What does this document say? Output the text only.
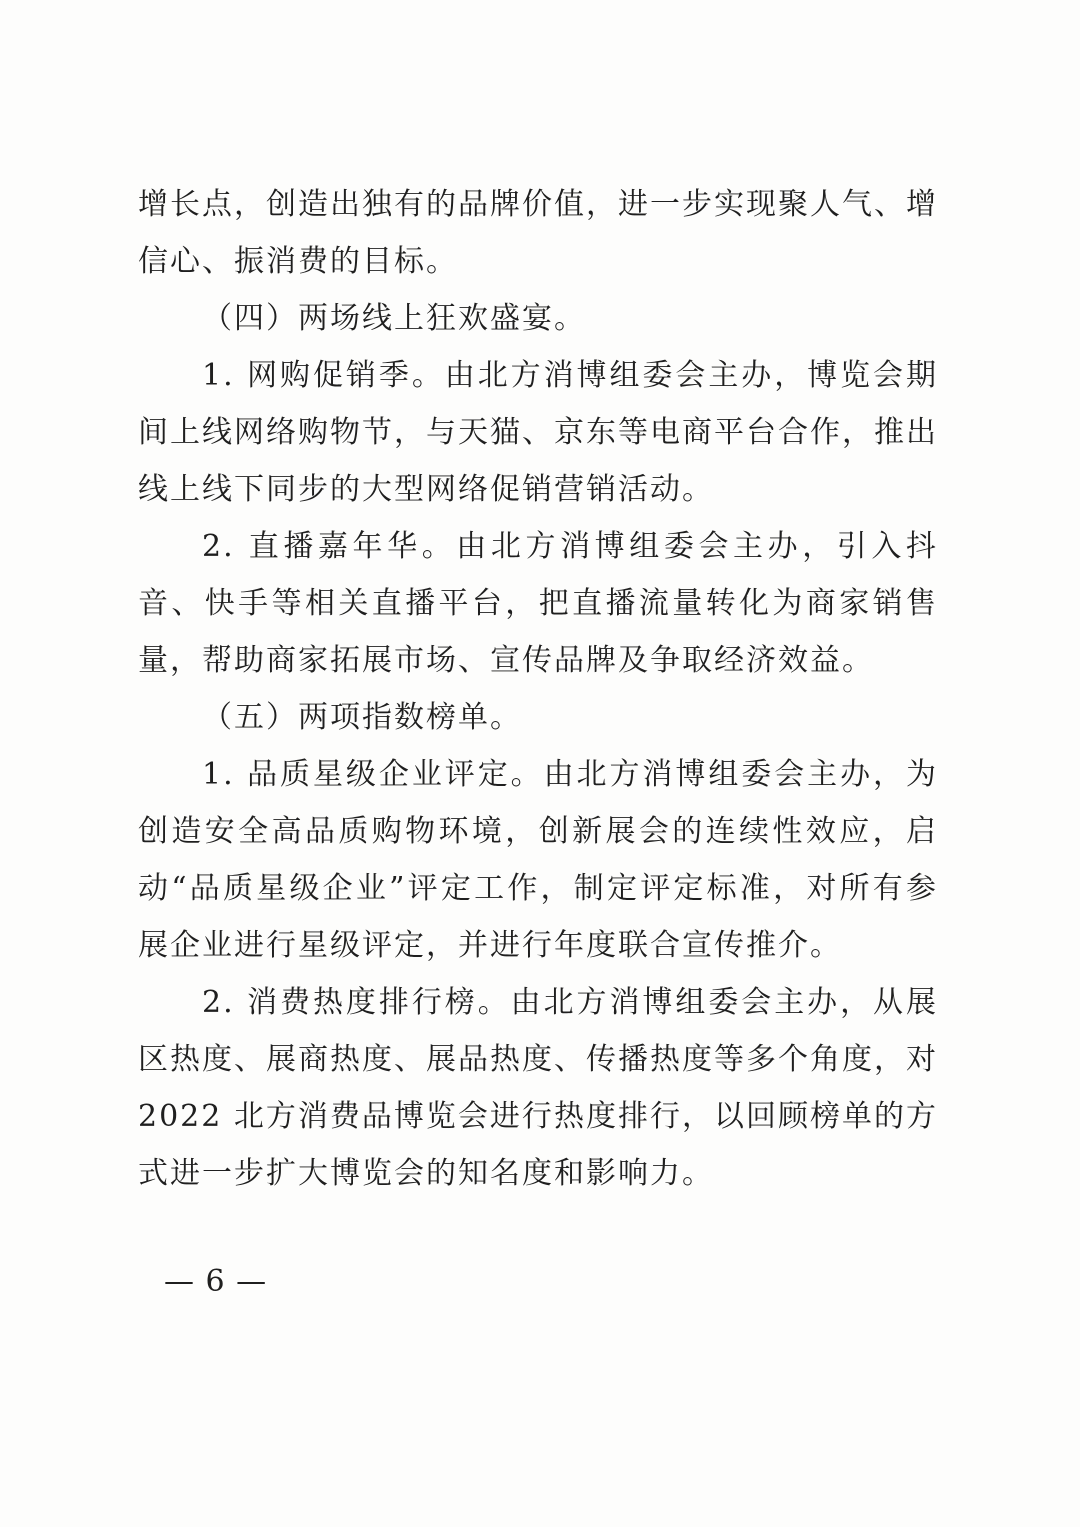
增长点，创造出独有的品牌价值，进一步实现聚人气、增信心、振消费的目标。

（四）两场线上狂欢盛宴。

1. 网购促销季。由北方消博组委会主办，博览会期间上线网络购物节，与天猫、京东等电商平台合作，推出线上线下同步的大型网络促销营销活动。

2. 直播嘉年华。由北方消博组委会主办，引入抖音、快手等相关直播平台，把直播流量转化为商家销售量，帮助商家拓展市场、宣传品牌及争取经济效益。

（五）两项指数榜单。

1. 品质星级企业评定。由北方消博组委会主办，为创造安全高品质购物环境，创新展会的连续性效应，启动“品质星级企业”评定工作，制定评定标准，对所有参展企业进行星级评定，并进行年度联合宣传推介。

2. 消费热度排行榜。由北方消博组委会主办，从展区热度、展商热度、展品热度、传播热度等多个角度，对 2022 北方消费品博览会进行热度排行，以回顾榜单的方式进一步扩大博览会的知名度和影响力。

— 6 —
